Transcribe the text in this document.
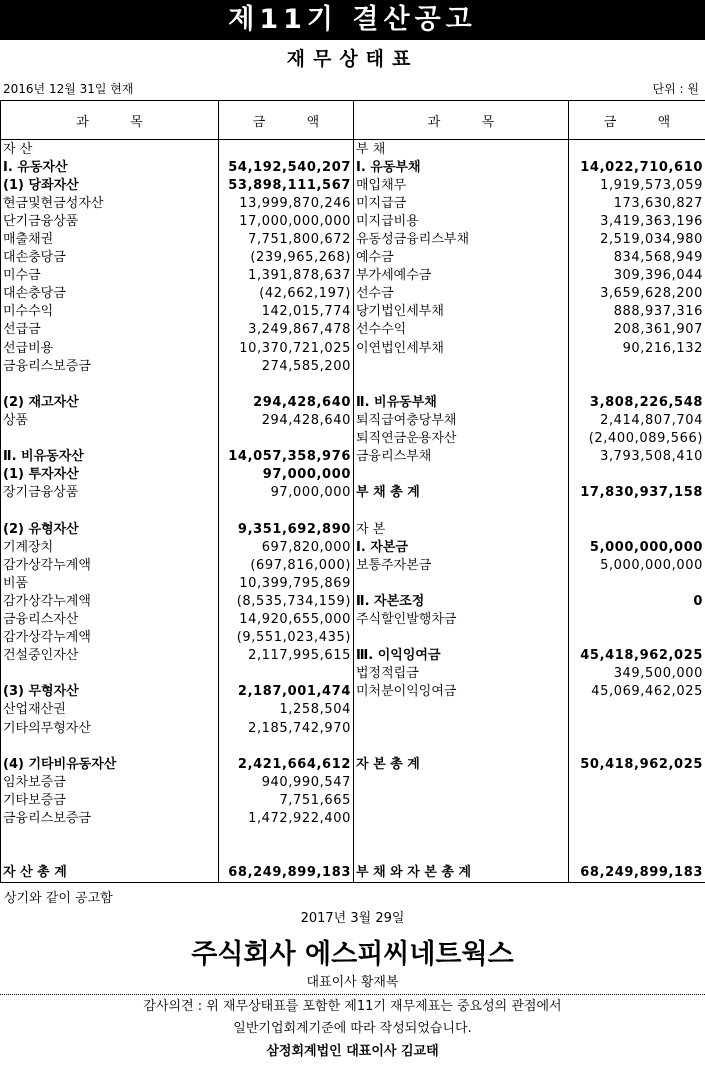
제11기 결산공고
재무상태표
2016년 12월 31일 현재	단위 : 원
과          목	금          액	과          목	금          액
자 산		부 채	
Ⅰ. 유동자산	54,192,540,207	Ⅰ. 유동부채	14,022,710,610
(1) 당좌자산	53,898,111,567	매입채무	1,919,573,059
현금및현금성자산	13,999,870,246	미지급금	173,630,827
단기금융상품	17,000,000,000	미지급비용	3,419,363,196
매출채권	7,751,800,672	유동성금융리스부채	2,519,034,980
대손충당금	(239,965,268)	예수금	834,568,949
미수금	1,391,878,637	부가세예수금	309,396,044
대손충당금	(42,662,197)	선수금	3,659,628,200
미수수익	142,015,774	당기법인세부채	888,937,316
선급금	3,249,867,478	선수수익	208,361,907
선급비용	10,370,721,025	이연법인세부채	90,216,132
금융리스보증금	274,585,200		

(2) 재고자산	294,428,640	Ⅱ. 비유동부채	3,808,226,548
상품	294,428,640	퇴직급여충당부채	2,414,807,704
		퇴직연금운용자산	(2,400,089,566)
Ⅱ. 비유동자산	14,057,358,976	금융리스부채	3,793,508,410
(1) 투자자산	97,000,000		
장기금융상품	97,000,000	부 채 총 계	17,830,937,158

(2) 유형자산	9,351,692,890	자 본	
기계장치	697,820,000	Ⅰ. 자본금	5,000,000,000
감가상각누계액	(697,816,000)	보통주자본금	5,000,000,000
비품	10,399,795,869		
감가상각누계액	(8,535,734,159)	Ⅱ. 자본조정	0
금융리스자산	14,920,655,000	주식할인발행차금	
감가상각누계액	(9,551,023,435)		
건설중인자산	2,117,995,615	Ⅲ. 이익잉여금	45,418,962,025
		법정적립금	349,500,000
(3) 무형자산	2,187,001,474	미처분이익잉여금	45,069,462,025
산업재산권	1,258,504		
기타의무형자산	2,185,742,970		

(4) 기타비유동자산	2,421,664,612	자 본 총 계	50,418,962,025
임차보증금	940,990,547		
기타보증금	7,751,665		
금융리스보증금	1,472,922,400		

자 산 총 계	68,249,899,183	부 채 와 자 본 총 계	68,249,899,183
상기와 같이 공고함
2017년 3월 29일
주식회사 에스피씨네트웍스
대표이사 황재복
감사의견 : 위 재무상태표를 포함한 제11기 재무제표는 중요성의 관점에서
일반기업회계기준에 따라 작성되었습니다.
삼정회계법인 대표이사 김교태
